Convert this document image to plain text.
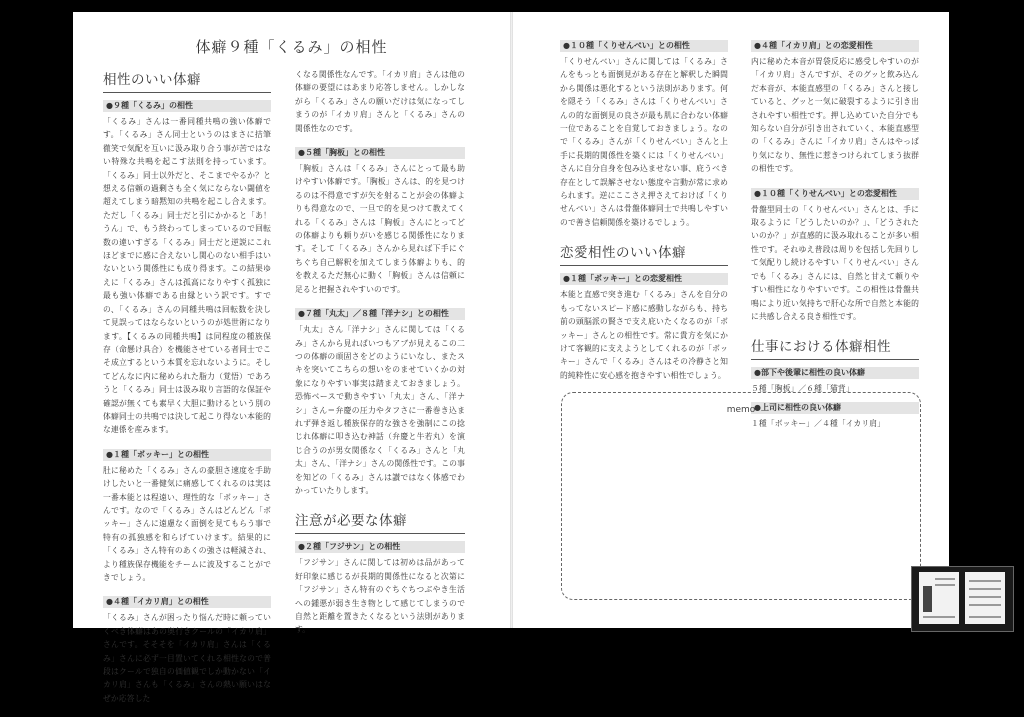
体癖９種「くるみ」の相性
相性のいい体癖
●９種「くるみ」の相性

「くるみ」さんは一番同種共鳴の強い体癖です。「くるみ」さん同士というのはまさに拮筆徹笑で気配を互いに汲み取り合う事が苦ではない特殊な共鳴を起こす法則を持っています。「くるみ」同士以外だと、そこまでやるか？と想える信頼の過剰さも全く気にならない閾値を超えてしまう暗黙知の共鳴を起こし合えます。ただし「くるみ」同士だと引にかかると「あ！うん」で、もう終わってしまっているので回転数の違いすぎる「くるみ」同士だと逆説にこれほどまでに感に合えないし関心のない相手はいないという関係性にも成り得ます。この結果ゆえに「くるみ」さんは孤高になりやすく孤独に最も強い体癖である由縁という訳です。すでの、「くるみ」さんの同種共鳴は回転数を決して見誤ってはならないというのが処世術になります。【くるみの同種共鳴】は同程度の種族保存（命懸け具合）を機能させている者同士でこそ成立するという本質を忘れないように。そしてどんなに内に秘められた脂力（覚悟）であろうと「くるみ」同士は汲み取り言語的な保証や確認が無くても素早く大胆に動けるという別の体癖同士の共鳴では決して起こり得ない本能的な連係を産みます。

●１種「ボッキー」との相性

肚に秘めた「くるみ」さんの豪胆さ速度を手助けしたいと一番健気に痛感してくれるのは実は一番本能とは程遠い、理性的な「ボッキー」さんです。なので「くるみ」さんはどんどん「ボッキー」さんに遠慮なく面倒を見てもらう事で特有の孤独感を和らげていけます。結果的に「くるみ」さん特有のあくの強さは軽減され、より種族保存機能をチームに波及することができでしょう。

●４種「イカリ肩」との相性

「くるみ」さんが困ったり悩んだ時に頼っていくべき体癖はあの奥行きクールの「イカリ肩」さんです。そそそを「イカリ肩」さんは「くるみ」さんに必ず一目置いてくれる相性なので普段はクールで独自の価値観でしか動かない「イカリ肩」さんも「くるみ」さんの熱い願いはなぜか応答した

くなる関係性なんです。「イカリ肩」さんは他の体癖の要望にはあまり応答しません。しかしながら「くるみ」さんの願いだけは気になってしまうのが「イカリ肩」さんと「くるみ」さんの関係性なのです。

●５種「胸板」との相性

「胸板」さんは「くるみ」さんにとって最も助けやすい体癖です。「胸板」さんは、的を見つけるのは不得意ですが矢を射ることが会の体癖よりも得意なので、一旦で的を見つけて教えてくれる「くるみ」さんは「胸板」さんにとってどの体癖よりも頼りがいを感じる関係性になります。そして「くるみ」さんから見れば下手にぐちぐち自己解釈を加えてしまう体癖よりも、的を教えるただ無心に動く「胸板」さんは信頼に足ると把握されやすいのです。

●７種「丸太」／８種「洋ナシ」との相性

「丸太」さん「洋ナシ」さんに関しては「くるみ」さんから見ればいつもアブが見えるこの二つの体癖の頑固さをどのようにいなし、またスキを突いてこちらの想いをのませていくかの対象になりやすい事実は踏まえておきましょう。恐怖ベースで動きやすい「丸太」さん、「洋ナシ」さん＝弁慶の圧力やタフさに一番巻き込まれず弾き返し種族保存的な強さを強制にこの捻じれ体癖に叩き込む神話（弁慶と牛若丸）を演じ合うのが男女関係なく「くるみ」さんと「丸太」さん、「洋ナシ」さんの関係性です。この事を知どの「くるみ」さんは讃ではなく体感でわかっていたりします。

注意が必要な体癖
●２種「フジサン」との相性

「フジサン」さんに関しては初めは品があって好印象に感じるが長期的関係性になると次第に「フジサン」さん特有のぐちぐちつぶやき生活への鍾悪が弱き生き物として感じてしまうので自然と距離を置きたくなるという法則があります。

●１０種「くりせんべい」との相性

「くりせんべい」さんに関しては「くるみ」さんをもっとも面倒見がある存在と解釈した瞬間から関係は悪化するという法則があります。何を隠そう「くるみ」さんは「くりせんべい」さんの的な面倒見の良さが最も肌に合わない体癖一位であることを自覚しておきましょう。なので「くるみ」さんが「くりせんべい」さんと上手に長期的関係性を築くには「くりせんべい」さんに自分自身を包み込ませない事、庇うべき存在として誤解させない態度や言動が常に求められます。逆にここさえ押さえておけば「くりせんべい」さんは骨盤体癖同士で共鳴しやすいので善き信頼関係を築けるでしょう。

恋愛相性のいい体癖
●１種「ボッキー」との恋愛相性

本能と直感で突き進む「くるみ」さんを自分のもってないスピード感に感動しながらも、持ち前の頭脳派の賢さで支え庇いたくなるのが「ボッキー」さんとの相性です。常に貴方を気にかけて客観的に支えようとしてくれるのが「ボッキー」さんで「くるみ」さんはその冷静さと知的純粋性に安心感を抱きやすい相性でしょう。

●４種「イカリ肩」との恋愛相性

内に秘めた本音が胃袋反応に感受しやすいのが「イカリ肩」さんですが、そのグッと飲み込んだ本音が、本能直感型の「くるみ」さんと接していると、グッと一気に破裂するように引き出されやすい相性です。押し込めていた自分でも知らない自分が引き出されていく、本能直感型の「くるみ」さんに「イカリ肩」さんはやっぱり気になり、無性に惹きつけられてしまう抜群の相性です。

●１０種「くりせんべい」との恋愛相性

骨盤型同士の「くりせんべい」さんとは、手に取るように「どうしたいのか？」、「どうされたいのか？」が直感的に汲み取れることが多い相性です。それゆえ普段は周りを包括し先回りして気配りし続けるやすい「くりせんべい」さんでも「くるみ」さんには、自然と甘えて頼りやすい相性になりやすいです。この相性は骨盤共鳴により近い気持ちで肝心な所で自然と本能的に共感し合える良き相性です。

仕事における体癖相性
●部下や後輩に相性の良い体癖

５種「胸板」／６種「猫背」

●上司に相性の良い体癖

１種「ボッキー」／４種「イカリ肩」

memo
